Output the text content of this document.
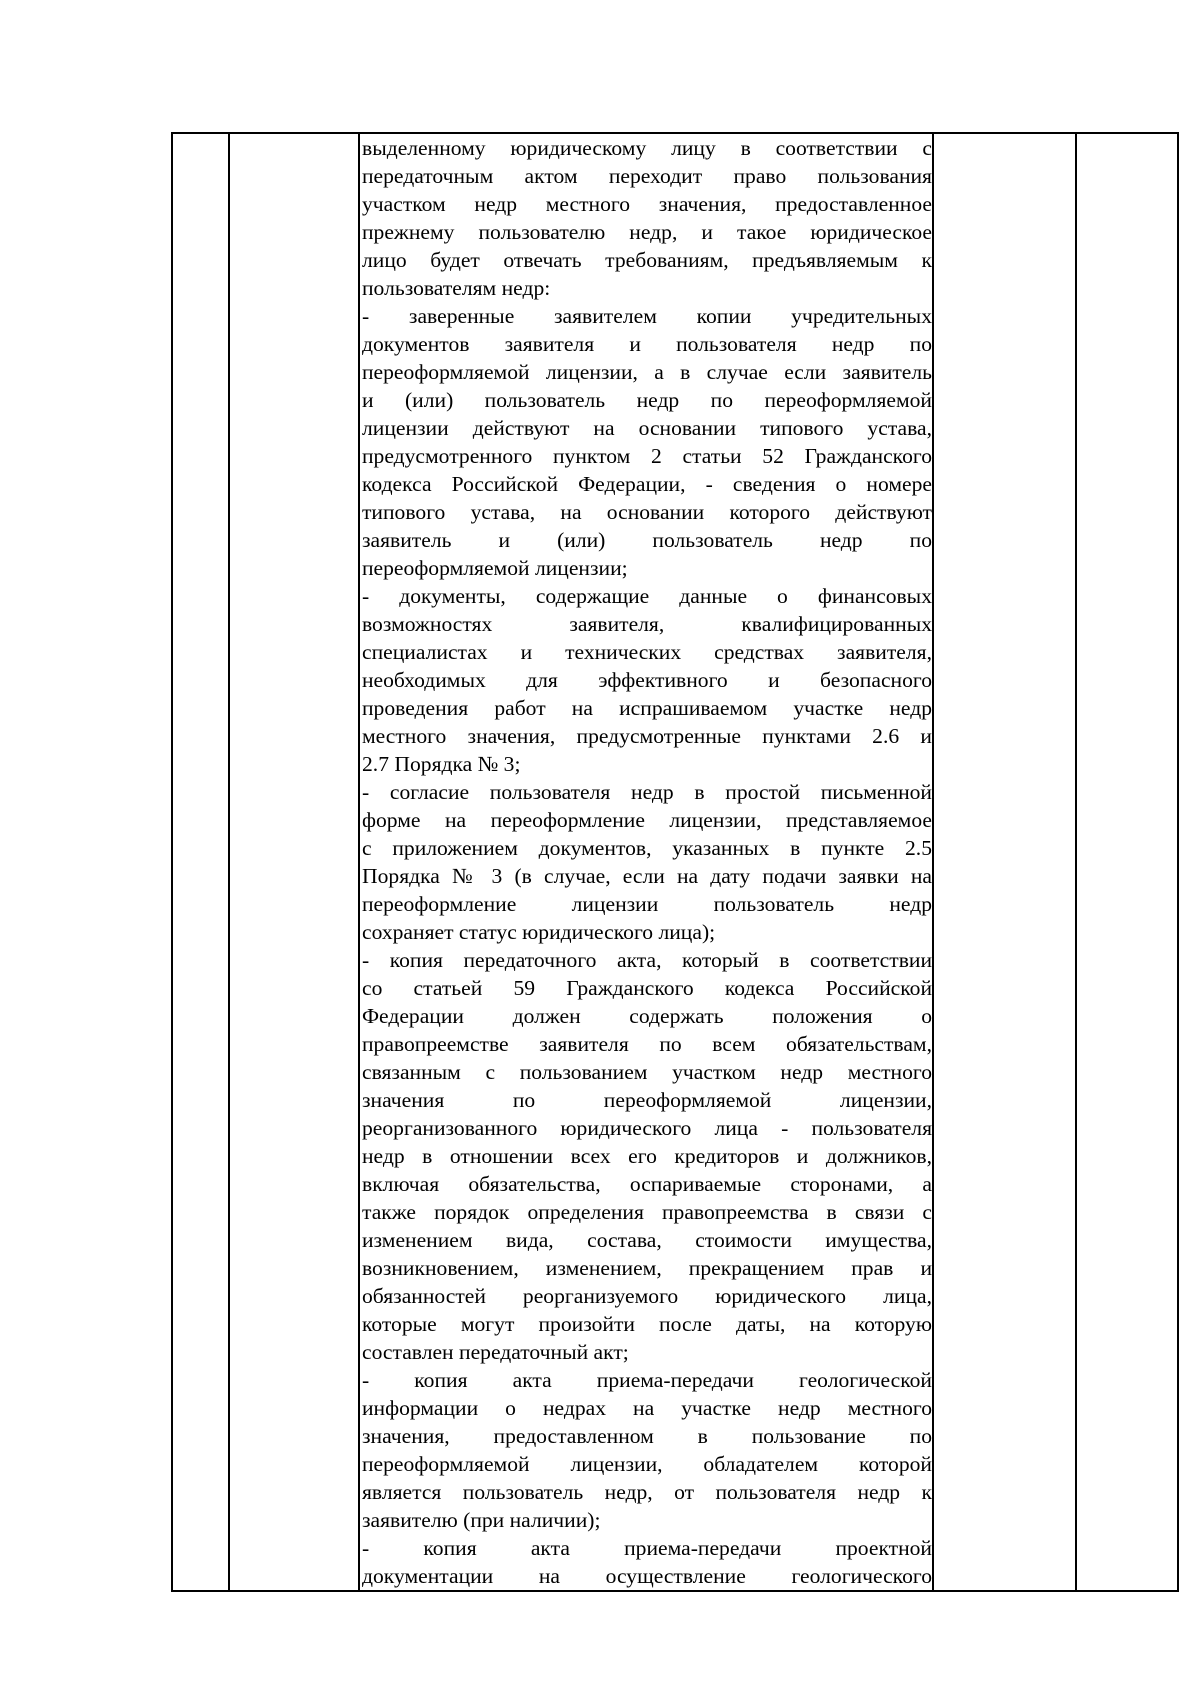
выделенному юридическому лицу в соответствии с
передаточным актом переходит право пользования
участком недр местного значения, предоставленное
прежнему пользователю недр, и такое юридическое
лицо будет отвечать требованиям, предъявляемым к
пользователям недр:
- заверенные заявителем копии учредительных
документов заявителя и пользователя недр по
переоформляемой лицензии, а в случае если заявитель
и (или) пользователь недр по переоформляемой
лицензии действуют на основании типового устава,
предусмотренного пунктом 2 статьи 52 Гражданского
кодекса Российской Федерации, - сведения о номере
типового устава, на основании которого действуют
заявитель и (или) пользователь недр по
переоформляемой лицензии;
- документы, содержащие данные о финансовых
возможностях заявителя, квалифицированных
специалистах и технических средствах заявителя,
необходимых для эффективного и безопасного
проведения работ на испрашиваемом участке недр
местного значения, предусмотренные пунктами 2.6 и
2.7 Порядка № 3;
- согласие пользователя недр в простой письменной
форме на переоформление лицензии, представляемое
с приложением документов, указанных в пункте 2.5
Порядка № 3 (в случае, если на дату подачи заявки на
переоформление лицензии пользователь недр
сохраняет статус юридического лица);
- копия передаточного акта, который в соответствии
со статьей 59 Гражданского кодекса Российской
Федерации должен содержать положения о
правопреемстве заявителя по всем обязательствам,
связанным с пользованием участком недр местного
значения по переоформляемой лицензии,
реорганизованного юридического лица - пользователя
недр в отношении всех его кредиторов и должников,
включая обязательства, оспариваемые сторонами, а
также порядок определения правопреемства в связи с
изменением вида, состава, стоимости имущества,
возникновением, изменением, прекращением прав и
обязанностей реорганизуемого юридического лица,
которые могут произойти после даты, на которую
составлен передаточный акт;
- копия акта приема-передачи геологической
информации о недрах на участке недр местного
значения, предоставленном в пользование по
переоформляемой лицензии, обладателем которой
является пользователь недр, от пользователя недр к
заявителю (при наличии);
- копия акта приема-передачи проектной
документации на осуществление геологического
